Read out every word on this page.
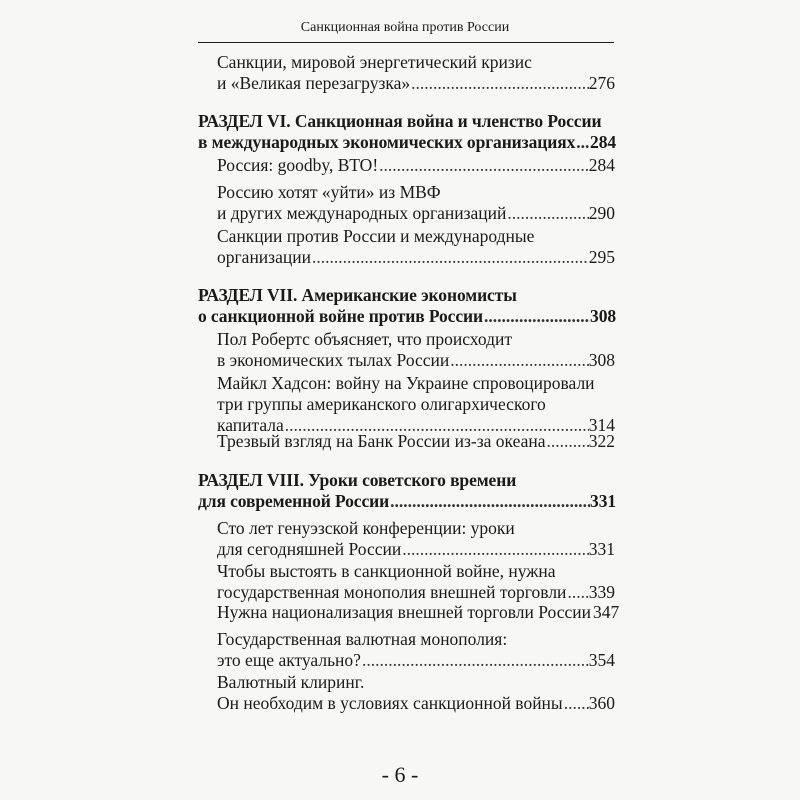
Санкционная война против России
Санкции, мировой энергетический кризис
и «Великая перезагрузка» .....	276
РАЗДЕЛ VI. Санкционная война и членство России
в международных экономических организациях ..... 284
Россия: goodby, ВТО! .....	284
Россию хотят «уйти» из МВФ
и других международных организаций .....	290
Санкции против России и международные
организации .....	295
РАЗДЕЛ VII. Американские экономисты
о санкционной войне против России .....	308
Пол Робертс объясняет, что происходит
в экономических тылах России .....	308
Майкл Хадсон: войну на Украине спровоцировали
три группы американского олигархического
капитала .....	314
Трезвый взгляд на Банк России из-за океана ..... 322
РАЗДЕЛ VIII. Уроки советского времени
для современной России .....	331
Сто лет генуэзской конференции: уроки
для сегодняшней России .....	331
Чтобы выстоять в санкционной войне, нужна
государственная монополия внешней торговли ..... 339
Нужна национализация внешней торговли России ..... 347
Государственная валютная монополия:
это еще актуально? .....	354
Валютный клиринг.
Он необходим в условиях санкционной войны ..... 360
- 6 -
